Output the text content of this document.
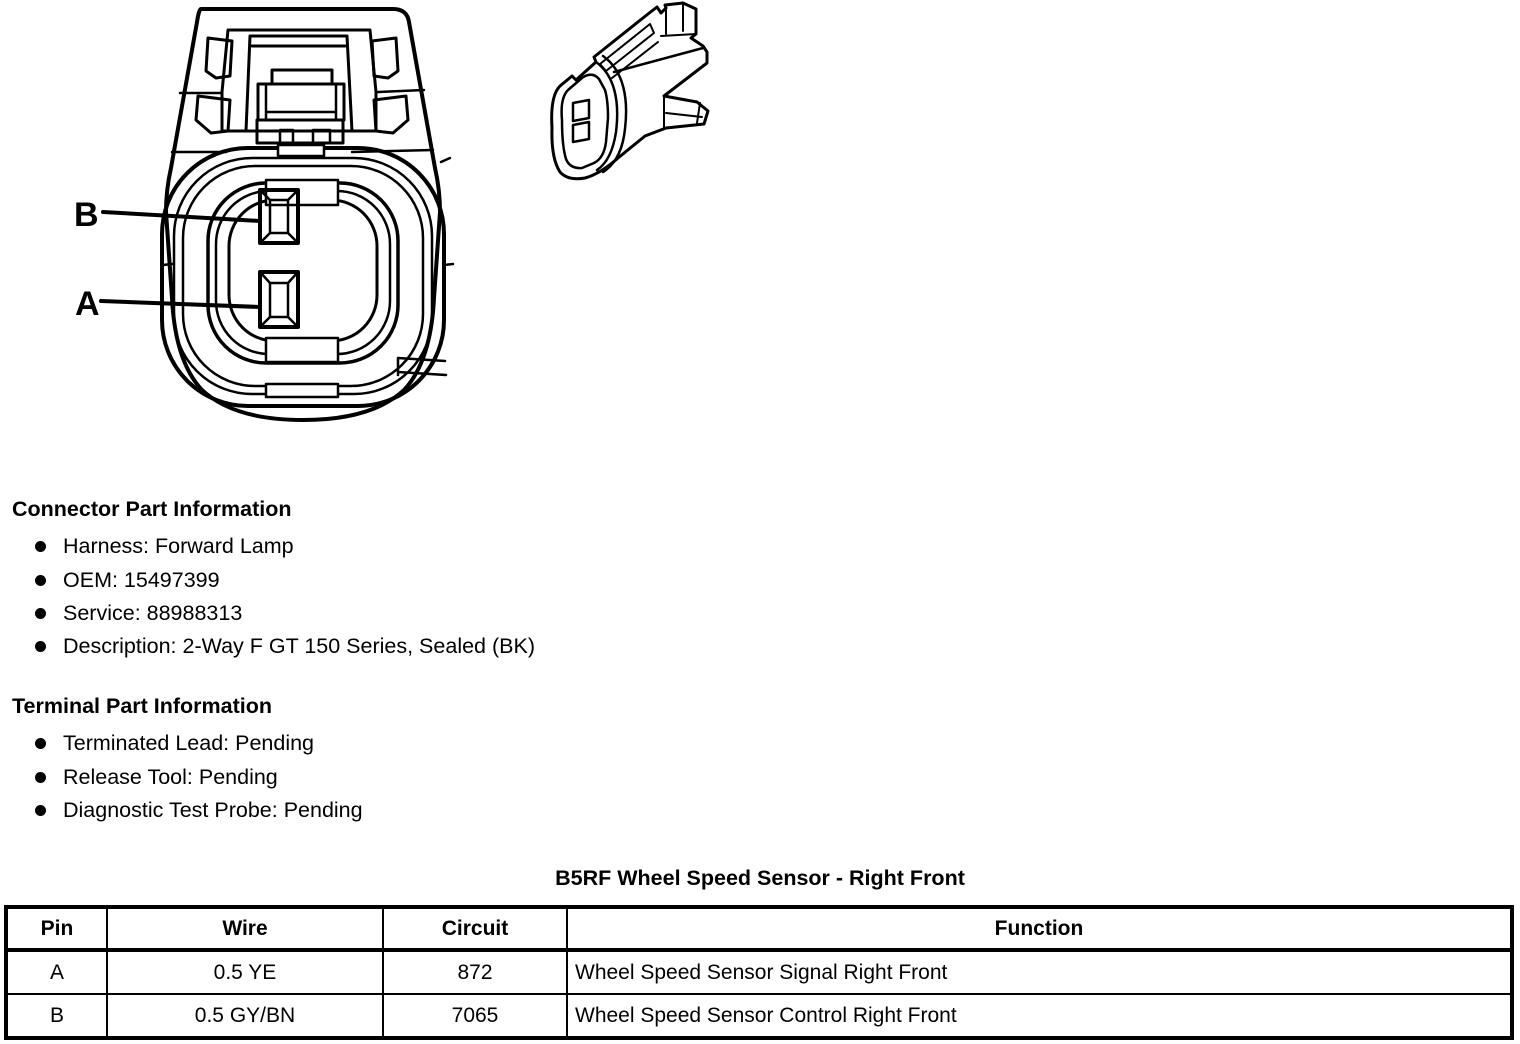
B
A
Connector Part Information
Harness: Forward Lamp
OEM: 15497399
Service: 88988313
Description: 2-Way F GT 150 Series, Sealed (BK)
Terminal Part Information
Terminated Lead: Pending
Release Tool: Pending
Diagnostic Test Probe: Pending
B5RF Wheel Speed Sensor - Right Front
Pin	Wire	Circuit	Function
A	0.5 YE	872	Wheel Speed Sensor Signal Right Front
B	0.5 GY/BN	7065	Wheel Speed Sensor Control Right Front
